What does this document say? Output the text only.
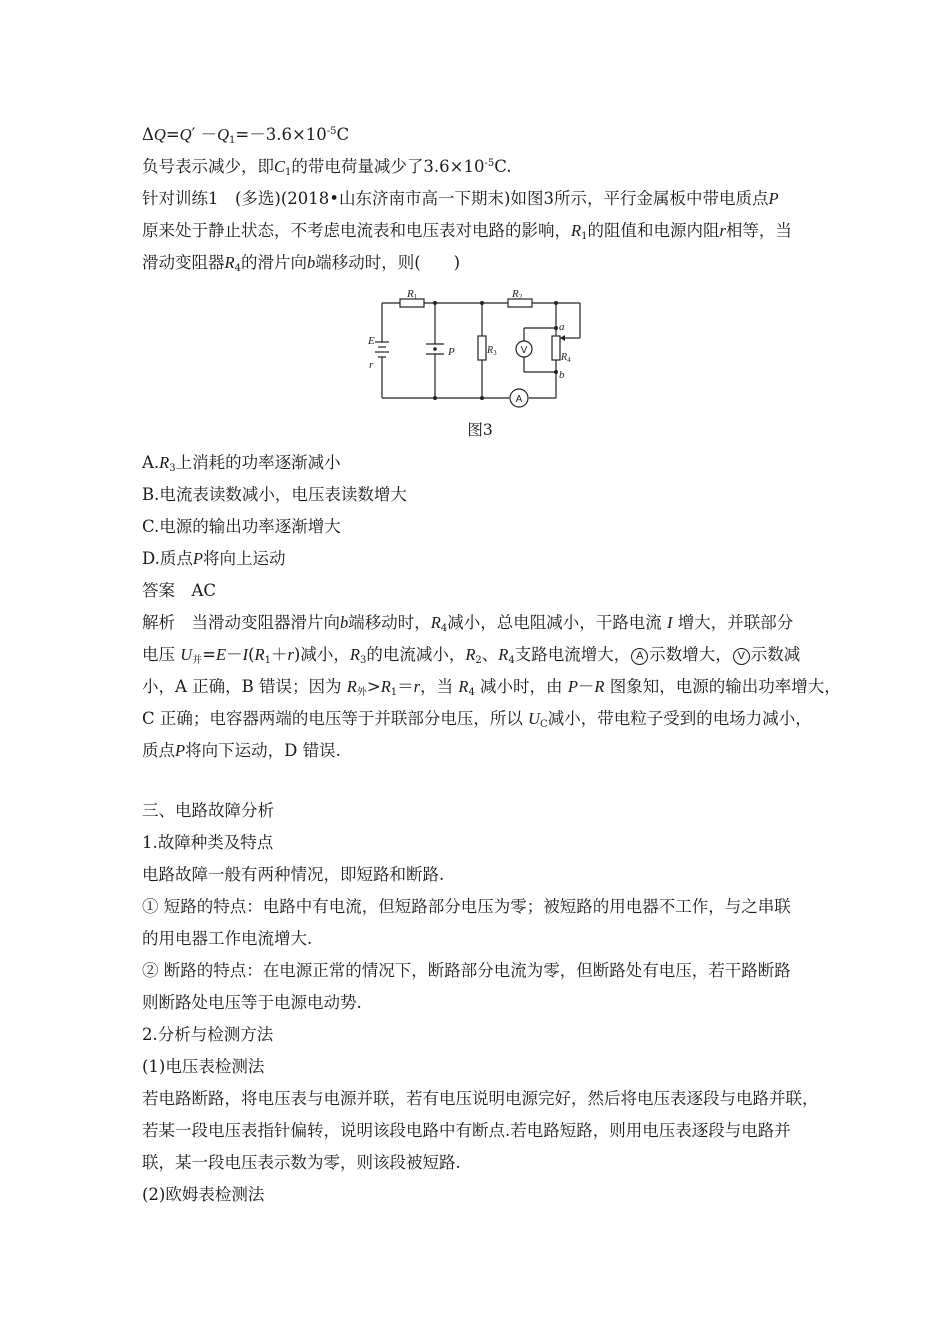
$\Delta Q=Q' -Q_1=-3.6\times 10^{-5}C$
负号表示减少，即$C_1$的带电荷量减少了$3.6\times 10^{-5}C$.
针对训练1　(多选)(2018•山东济南市高一下期末)如图3所示，平行金属板中带电质点P
原来处于静止状态，不考虑电流表和电压表对电路的影响，$R_1$的阻值和电源内阻r相等，当
滑动变阻器$R_4$的滑片向b端移动时，则(　　)
R1	R2
$R_3$	$R_4$
E
r
P
a
b
V
A
图3
$A.R_3$上消耗的功率逐渐减小
B.电流表读数减小，电压表读数增大
C.电源的输出功率逐渐增大
D.质点P将向上运动
答案　AC
解析　当滑动变阻器滑片向b端移动时，$R_4$减小，总电阻减小，干路电流 I 增大，并联部分
电压 $U_并=E-I(R_1+r)$减小，$R_3$的电流减小，$R_2$、$R_4$支路电流增大， A 示数增大， V 示数减
小，A 正确，B 错误；因为 $R_外>R_1=r$，当 $R_4$ 减小时，由 P－R 图象知，电源的输出功率增大，
C 正确；电容器两端的电压等于并联部分电压，所以 $U_C$减小，带电粒子受到的电场力减小，
质点P将向下运动，D 错误.
三、电路故障分析
1.故障种类及特点
电路故障一般有两种情况，即短路和断路.
① 短路的特点：电路中有电流，但短路部分电压为零；被短路的用电器不工作，与之串联
的用电器工作电流增大.
② 断路的特点：在电源正常的情况下，断路部分电流为零，但断路处有电压，若干路断路
则断路处电压等于电源电动势.
2.分析与检测方法
(1)电压表检测法
若电路断路，将电压表与电源并联，若有电压说明电源完好，然后将电压表逐段与电路并联，
若某一段电压表指针偏转，说明该段电路中有断点.若电路短路，则用电压表逐段与电路并
联，某一段电压表示数为零，则该段被短路.
(2)欧姆表检测法
